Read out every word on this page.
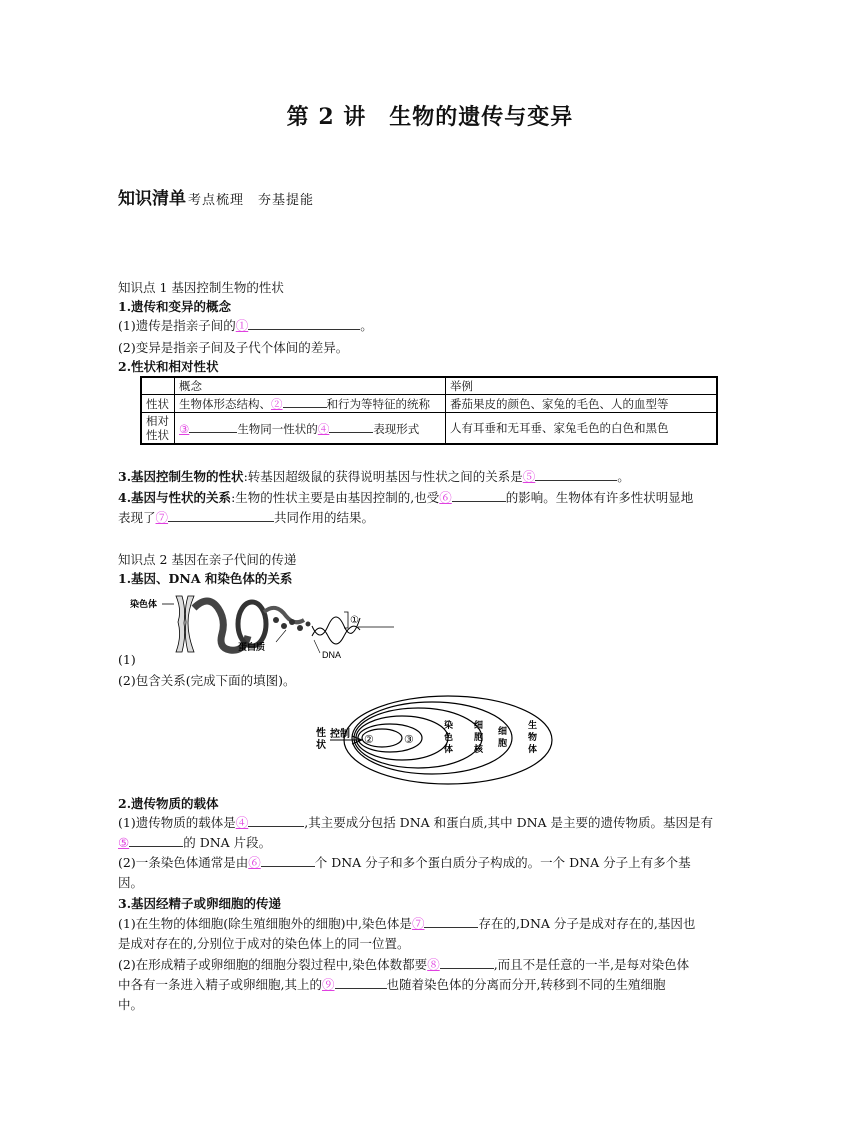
第 2 讲　生物的遗传与变异
知识清单 考点梳理　夯基提能
知识点 1 基因控制生物的性状
1.遗传和变异的概念
(1)遗传是指亲子间的①	。
(2)变异是指亲子间及子代个体间的差异。
2.性状和相对性状
	概念	举例
性状	生物体形态结构、② 和行为等特征的统称	番茄果皮的颜色、家兔的毛色、人的血型等
相对性状	③ 生物同一性状的④ 表现形式	人有耳垂和无耳垂、家兔毛色的白色和黑色
3.基因控制生物的性状:转基因超级鼠的获得说明基因与性状之间的关系是⑤	。
4.基因与性状的关系:生物的性状主要是由基因控制的,也受⑥	的影响。生物体有许多性状明显地
表现了⑦	共同作用的结果。
知识点 2 基因在亲子代间的传递
1.基因、DNA 和染色体的关系
染色体
①
蛋白质
DNA
(1)
(2)包含关系(完成下面的填图)。
性
状
控制 ②	③
染
色
体
细
胞
核
细
胞
生
物
体
2.遗传物质的载体
(1)遗传物质的载体是④	,其主要成分包括 DNA 和蛋白质,其中 DNA 是主要的遗传物质。基因是有
⑤	的 DNA 片段。
(2)一条染色体通常是由⑥	个 DNA 分子和多个蛋白质分子构成的。一个 DNA 分子上有多个基
因。
3.基因经精子或卵细胞的传递
(1)在生物的体细胞(除生殖细胞外的细胞)中,染色体是⑦	存在的,DNA 分子是成对存在的,基因也
是成对存在的,分别位于成对的染色体上的同一位置。
(2)在形成精子或卵细胞的细胞分裂过程中,染色体数都要⑧	,而且不是任意的一半,是每对染色体
中各有一条进入精子或卵细胞,其上的⑨	也随着染色体的分离而分开,转移到不同的生殖细胞
中。
